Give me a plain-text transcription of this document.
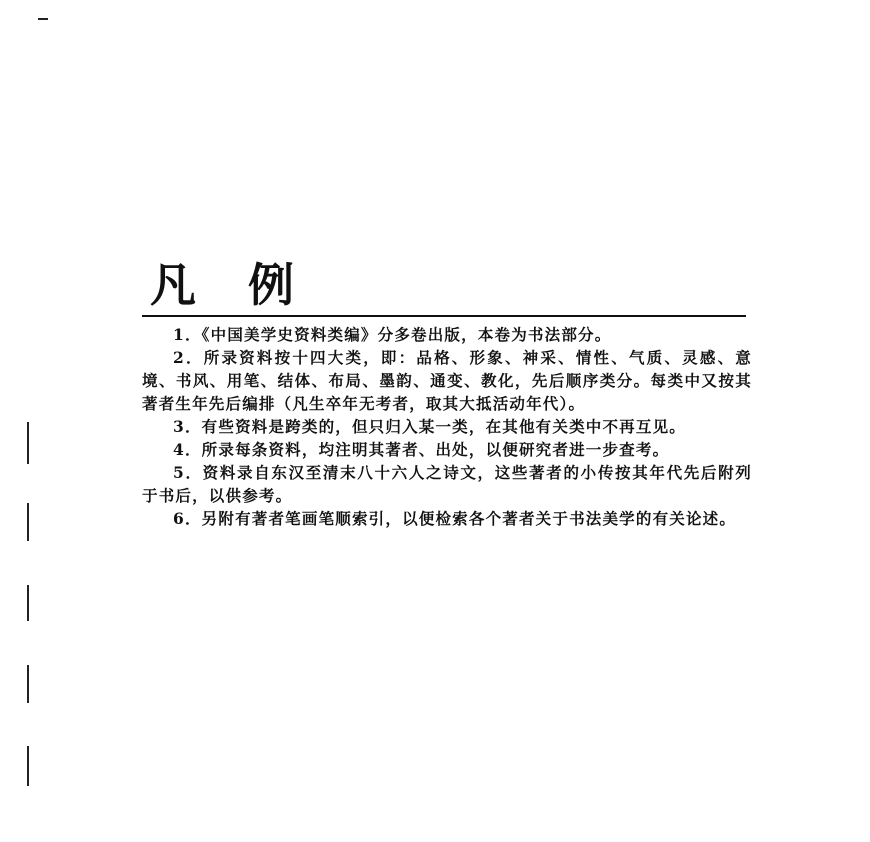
凡 例

1．《中国美学史资料类编》分多卷出版，本卷为书法部分。

2．所录资料按十四大类，即：品格、形象、神采、情性、气质、灵感、意境、书风、用笔、结体、布局、墨韵、通变、教化，先后顺序类分。每类中又按其著者生年先后编排（凡生卒年无考者，取其大抵活动年代）。

3．有些资料是跨类的，但只归入某一类，在其他有关类中不再互见。

4．所录每条资料，均注明其著者、出处，以便研究者进一步查考。

5．资料录自东汉至清末八十六人之诗文，这些著者的小传按其年代先后附列于书后，以供参考。

6．另附有著者笔画笔顺索引，以便检索各个著者关于书法美学的有关论述。
